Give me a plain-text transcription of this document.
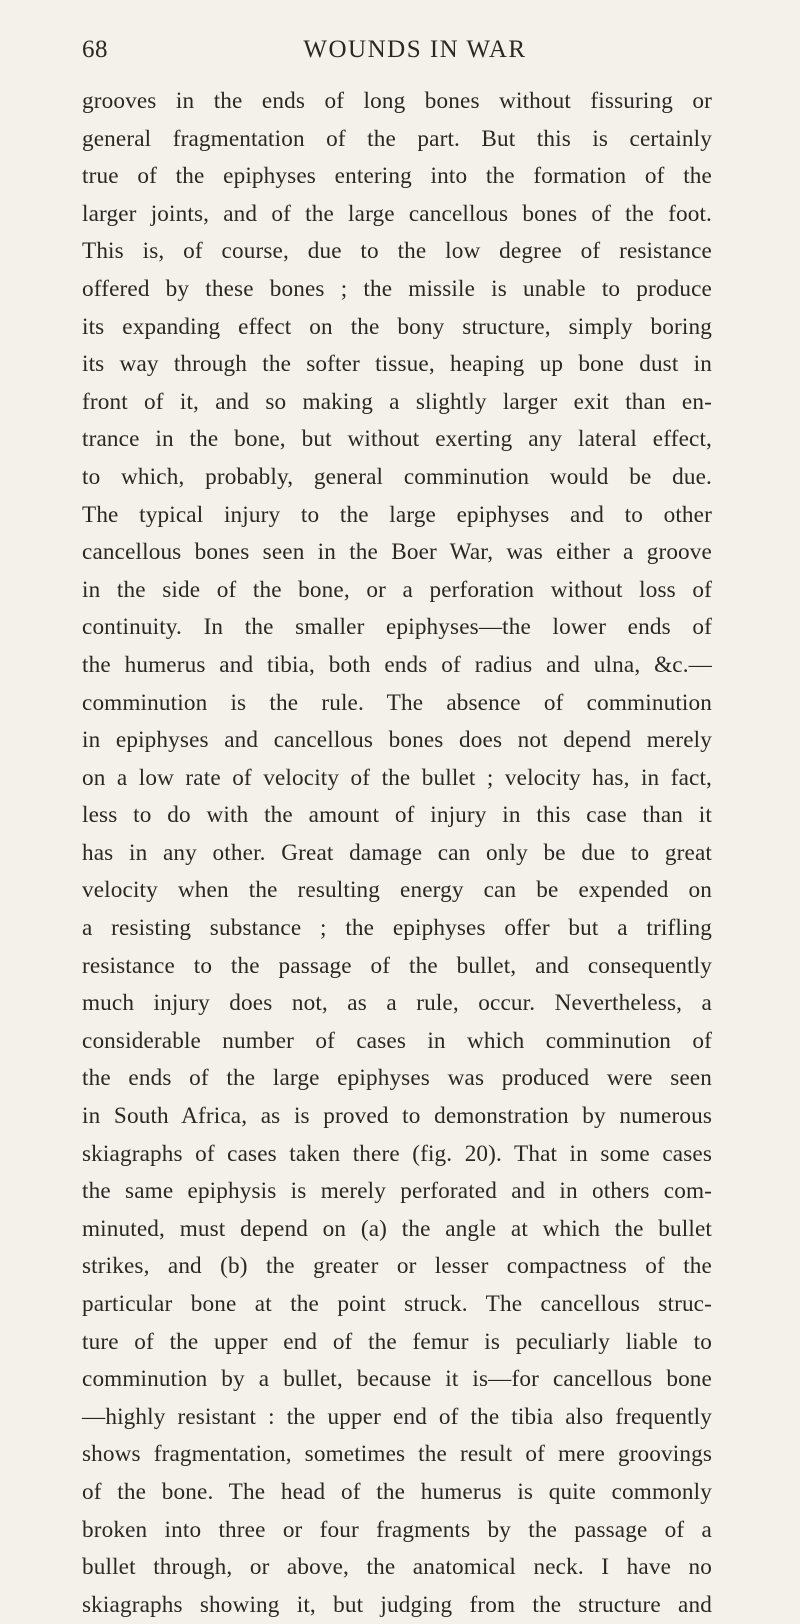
68	WOUNDS IN WAR
grooves in the ends of long bones without fissuring or
general fragmentation of the part. But this is certainly
true of the epiphyses entering into the formation of the
larger joints, and of the large cancellous bones of the foot.
This is, of course, due to the low degree of resistance
offered by these bones ; the missile is unable to produce
its expanding effect on the bony structure, simply boring
its way through the softer tissue, heaping up bone dust in
front of it, and so making a slightly larger exit than en-
trance in the bone, but without exerting any lateral effect,
to which, probably, general comminution would be due.
The typical injury to the large epiphyses and to other
cancellous bones seen in the Boer War, was either a groove
in the side of the bone, or a perforation without loss of
continuity. In the smaller epiphyses—the lower ends of
the humerus and tibia, both ends of radius and ulna, &c.—
comminution is the rule. The absence of comminution
in epiphyses and cancellous bones does not depend merely
on a low rate of velocity of the bullet ; velocity has, in fact,
less to do with the amount of injury in this case than it
has in any other. Great damage can only be due to great
velocity when the resulting energy can be expended on
a resisting substance ; the epiphyses offer but a trifling
resistance to the passage of the bullet, and consequently
much injury does not, as a rule, occur. Nevertheless, a
considerable number of cases in which comminution of
the ends of the large epiphyses was produced were seen
in South Africa, as is proved to demonstration by numerous
skiagraphs of cases taken there (fig. 20). That in some cases
the same epiphysis is merely perforated and in others com-
minuted, must depend on (a) the angle at which the bullet
strikes, and (b) the greater or lesser compactness of the
particular bone at the point struck. The cancellous struc-
ture of the upper end of the femur is peculiarly liable to
comminution by a bullet, because it is—for cancellous bone
—highly resistant : the upper end of the tibia also frequently
shows fragmentation, sometimes the result of mere groovings
of the bone. The head of the humerus is quite commonly
broken into three or four fragments by the passage of a
bullet through, or above, the anatomical neck. I have no
skiagraphs showing it, but judging from the structure and
